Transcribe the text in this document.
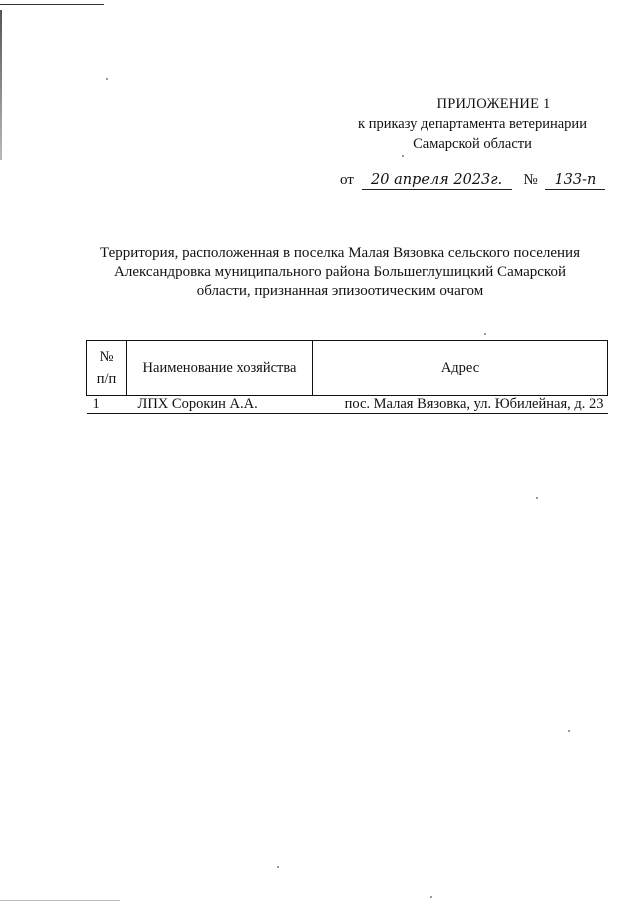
ПРИЛОЖЕНИЕ 1
к приказу департамента ветеринарии
Самарской области
от 20 апреля 2023г. № 133-п
Территория, расположенная в поселка Малая Вязовка сельского поселения
Александровка муниципального района Большеглушицкий Самарской
области, признанная эпизоотическим очагом
№
п/п	Наименование хозяйства	Адрес
1	ЛПХ Сорокин А.А.	пос. Малая Вязовка, ул. Юбилейная, д. 23
